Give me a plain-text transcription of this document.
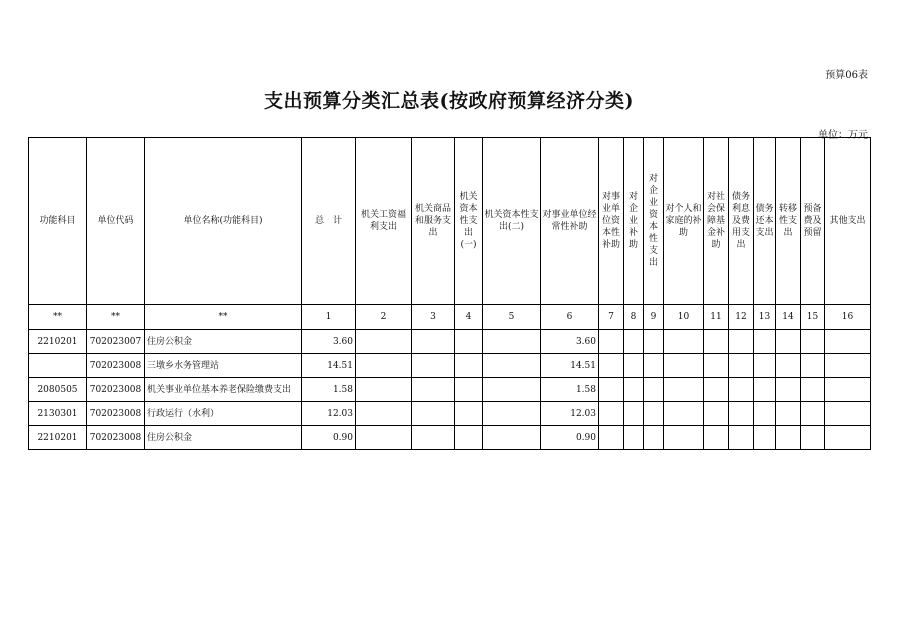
预算06表
支出预算分类汇总表(按政府预算经济分类)
单位：万元
功能科目	单位代码	单位名称(功能科目)	总　计	机关工资福利支出	机关商品和服务支出	机关资本性支出(一)	机关资本性支出(二)	对事业单位经常性补助	对事业单位资本性补助	对企业补助	对企业资本性支出	对个人和家庭的补助	对社会保障基金补助	债务利息及费用支出	债务还本支出	转移性支出	预备费及预留	其他支出
**	**	**	1	2	3	4	5	6	7	8	9	10	11	12	13	14	15	16
2210201	702023007	住房公积金	3.60					3.60										
	702023008	三墩乡水务管理站	14.51					14.51										
2080505	702023008	机关事业单位基本养老保险缴费支出	1.58					1.58										
2130301	702023008	行政运行（水利）	12.03					12.03										
2210201	702023008	住房公积金	0.90					0.90										
